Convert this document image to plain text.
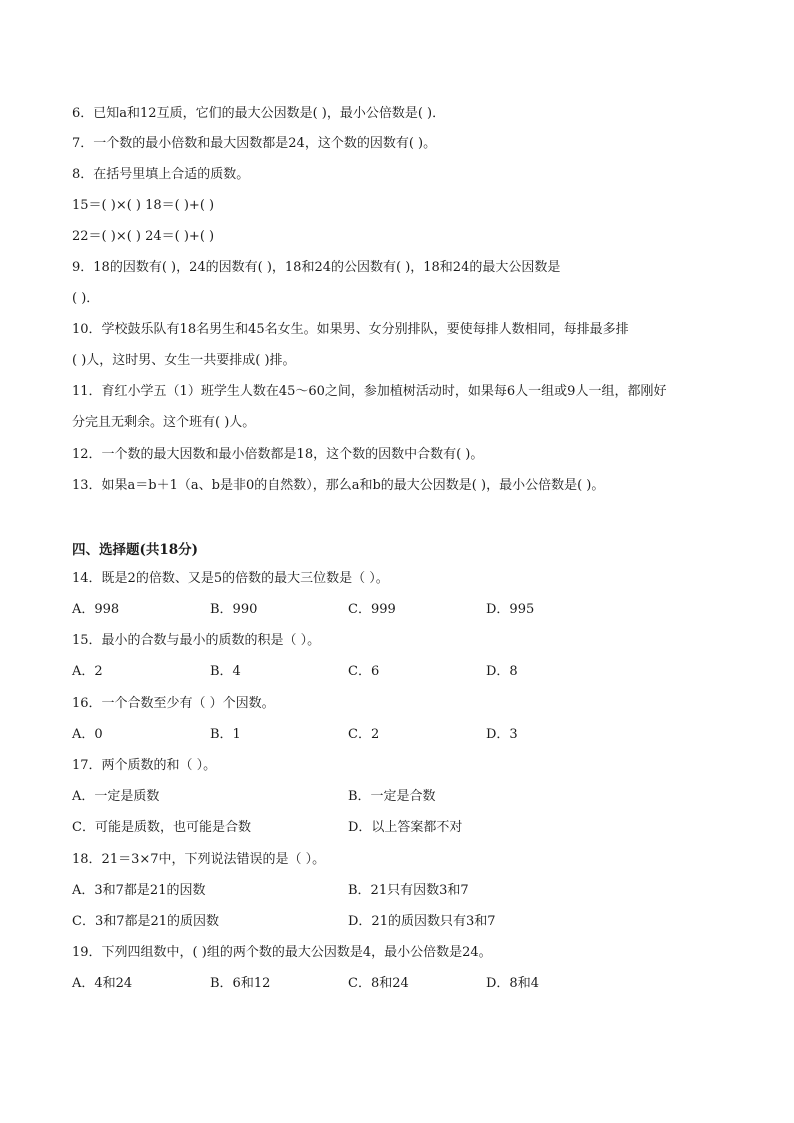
6．已知a和12互质，它们的最大公因数是( )，最小公倍数是( )．
7．一个数的最小倍数和最大因数都是24，这个数的因数有( )。
8．在括号里填上合适的质数。
15＝( )×( ) 18＝( )+( )
22＝( )×( ) 24＝( )+( )
9．18的因数有( )，24的因数有( )，18和24的公因数有( )，18和24的最大公因数是
( )．
10．学校鼓乐队有18名男生和45名女生。如果男、女分别排队，要使每排人数相同，每排最多排
( )人，这时男、女生一共要排成( )排。
11．育红小学五（1）班学生人数在45～60之间，参加植树活动时，如果每6人一组或9人一组，都刚好
分完且无剩余。这个班有( )人。
12．一个数的最大因数和最小倍数都是18，这个数的因数中合数有( )。
13．如果a＝b＋1（a、b是非0的自然数），那么a和b的最大公因数是( )，最小公倍数是( )。
四、选择题(共18分)
14．既是2的倍数、又是5的倍数的最大三位数是（ ）。
A．998	B．990	C．999	D．995
15．最小的合数与最小的质数的积是（ ）。
A．2	B．4	C．6	D．8
16．一个合数至少有（ ）个因数。
A．0	B．1	C．2	D．3
17．两个质数的和（ ）。
A．一定是质数	B．一定是合数
C．可能是质数，也可能是合数	D．以上答案都不对
18．21＝3×7中，下列说法错误的是（ ）。
A．3和7都是21的因数	B．21只有因数3和7
C．3和7都是21的质因数	D．21的质因数只有3和7
19．下列四组数中，( )组的两个数的最大公因数是4，最小公倍数是24。
A．4和24	B．6和12	C．8和24	D．8和4
